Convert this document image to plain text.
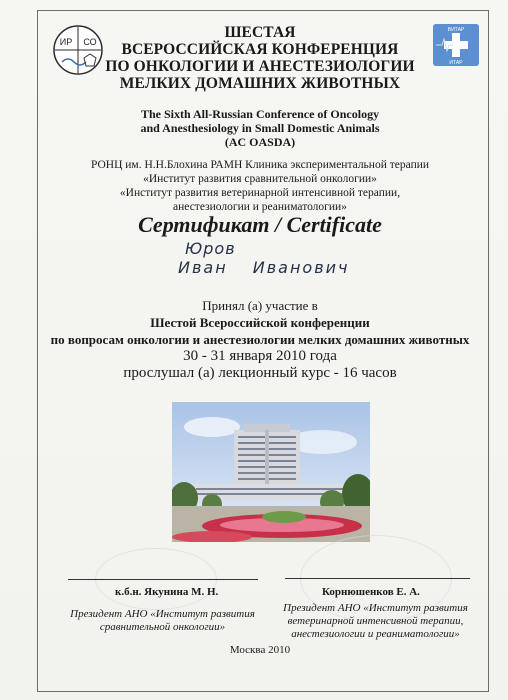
ИР СО
ВИТАР
ИТАР
ШЕСТАЯ
ВСЕРОССИЙСКАЯ КОНФЕРЕНЦИЯ
ПО ОНКОЛОГИИ И АНЕСТЕЗИОЛОГИИ
МЕЛКИХ ДОМАШНИХ ЖИВОТНЫХ
The Sixth All-Russian Conference of Oncology
and Anesthesiology in Small Domestic Animals
(AC OASDA)
РОНЦ им. Н.Н.Блохина РАМН Клиника экспериментальной терапии
«Институт развития сравнительной онкологии»
«Институт развития ветеринарной интенсивной терапии,
анестезиологии и реаниматологии»
Сертификат / Certificate
Юров
Иван Иванович
Принял (а) участие в
Шестой Всероссийской конференции
по вопросам онкологии и анестезиологии мелких домашних животных
30 - 31 января 2010 года
прослушал (а) лекционный курс - 16 часов
к.б.н. Якунина М. Н.	Корнюшенков Е. А.
Президент АНО «Институт развития
сравнительной онкологии»
Президент АНО «Институт развития
ветеринарной интенсивной терапии,
анестезиологии и реаниматологии»
Москва 2010
